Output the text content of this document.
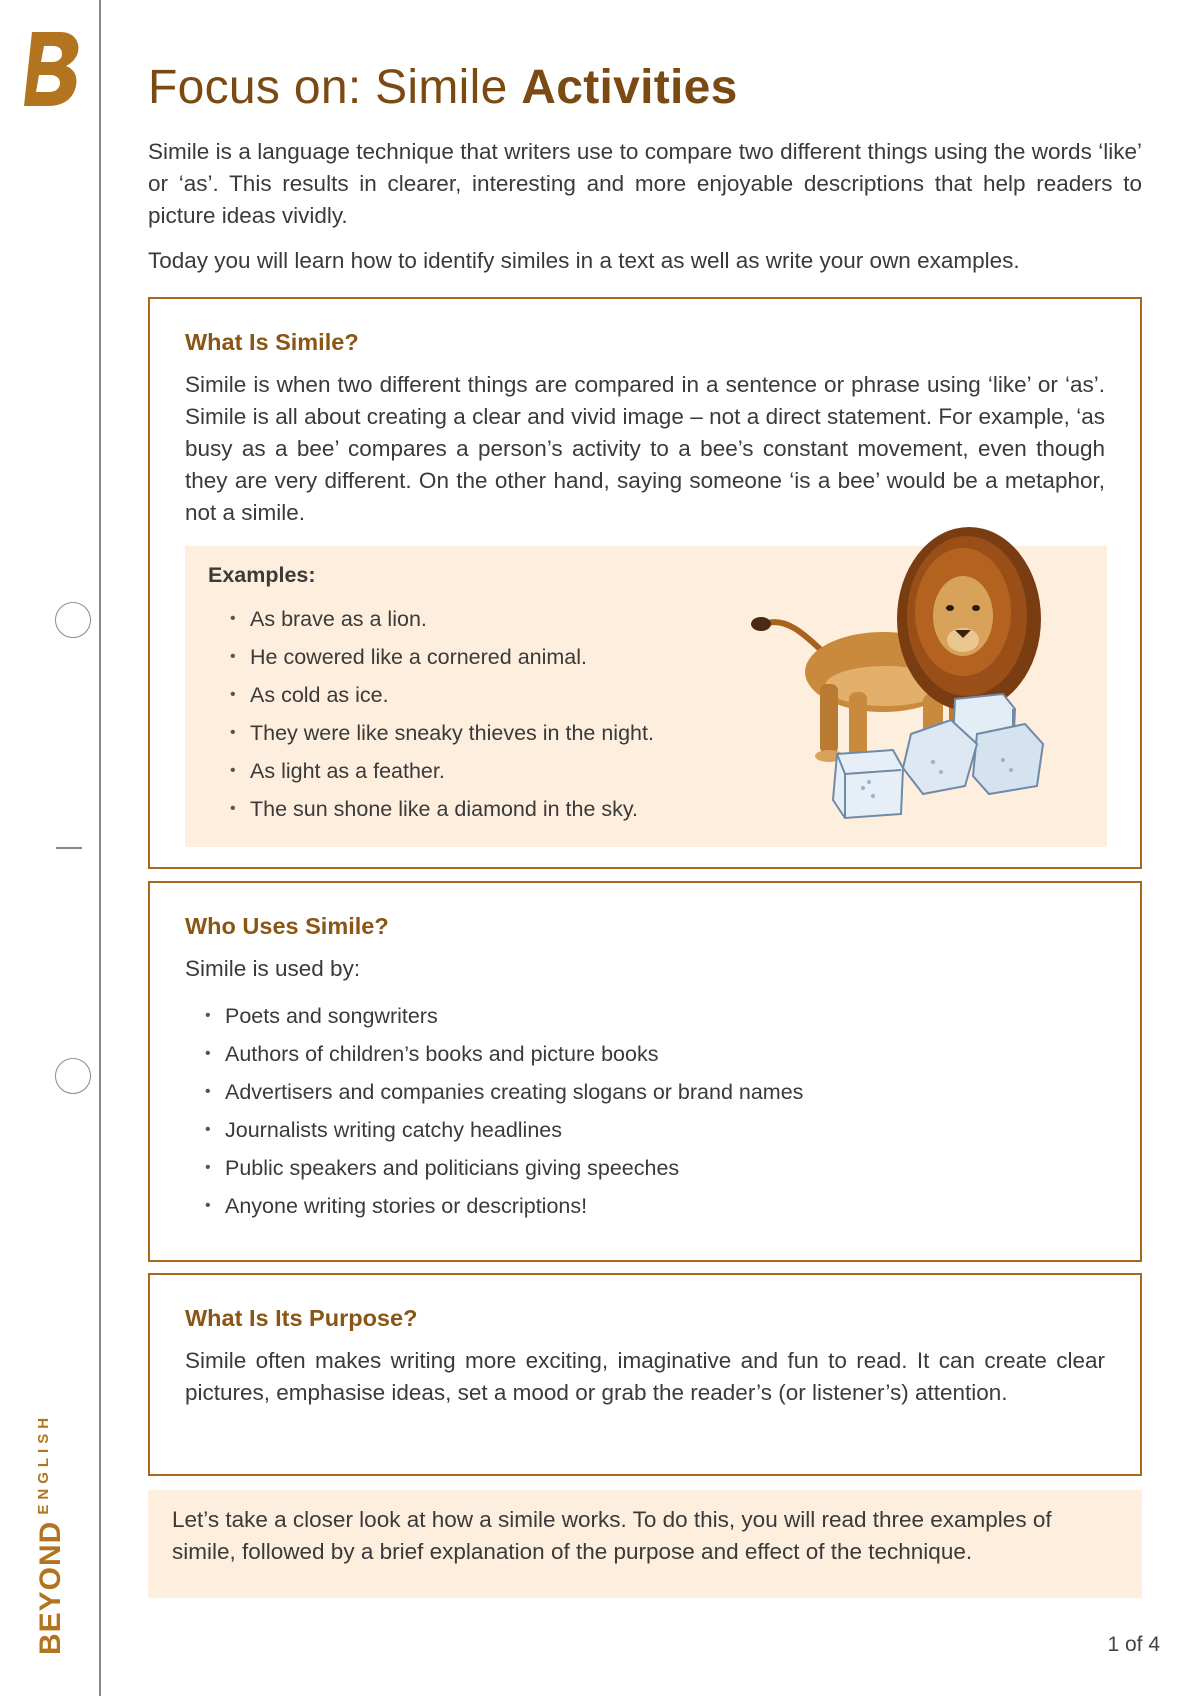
BEYONDENGLISH
Focus on: Simile Activities

Simile is a language technique that writers use to compare two different things using the words ‘like’ or ‘as’. This results in clearer, interesting and more enjoyable descriptions that help readers to picture ideas vividly.

Today you will learn how to identify similes in a text as well as write your own examples.

What Is Simile?

Simile is when two different things are compared in a sentence or phrase using ‘like’ or ‘as’. Simile is all about creating a clear and vivid image – not a direct statement. For example, ‘as busy as a bee’ compares a person’s activity to a bee’s constant movement, even though they are very different. On the other hand, saying someone ‘is a bee’ would be a metaphor, not a simile.

Examples:
• As brave as a lion.
• He cowered like a cornered animal.
• As cold as ice.
• They were like sneaky thieves in the night.
• As light as a feather.
• The sun shone like a diamond in the sky.
Who Uses Simile?

Simile is used by:

• Poets and songwriters
• Authors of children’s books and picture books
• Advertisers and companies creating slogans or brand names
• Journalists writing catchy headlines
• Public speakers and politicians giving speeches
• Anyone writing stories or descriptions!
What Is Its Purpose?

Simile often makes writing more exciting, imaginative and fun to read. It can create clear pictures, emphasise ideas, set a mood or grab the reader’s (or listener’s) attention.

Let’s take a closer look at how a simile works. To do this, you will read three examples of simile, followed by a brief explanation of the purpose and effect of the technique.

1 of 4
